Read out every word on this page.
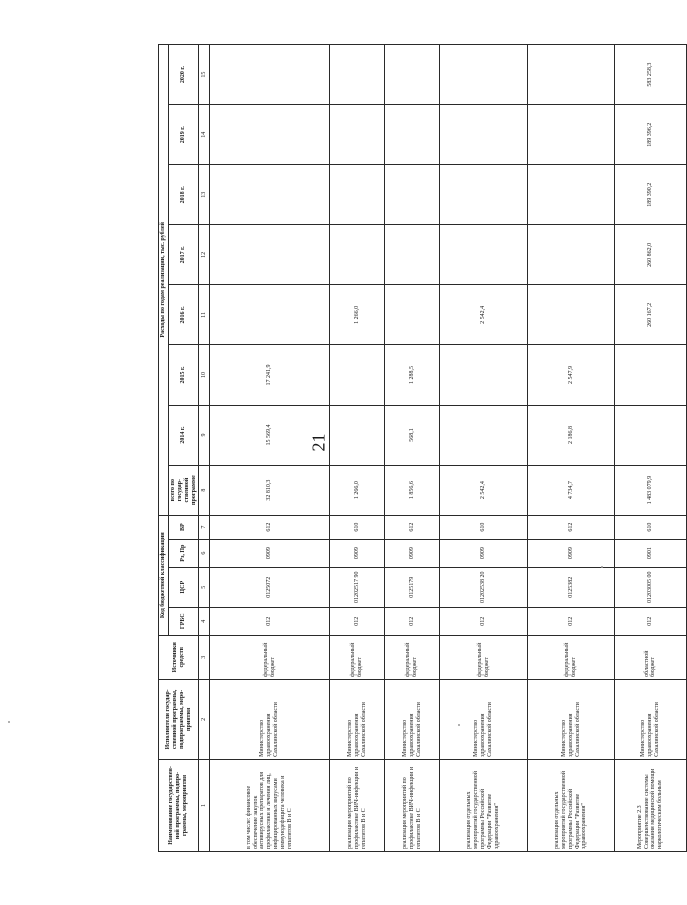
21
Наименование государствен-ной программы, подпро-граммы, мероприятия	Исполнители государ-ственной программы, подпрограммы, меро-приятия	Источники средств	Код бюджетной классификации				Расходы по годам реализации, тыс. рублей							
			ГРБС	ЦСР	Рз, Пр	ВР	всего по государ-ственной программе	2014 г.	2015 г.	2016 г.	2017 г.	2018 г.	2019 г.	2020 г.

1	2	3	4	5	6	7	8	9	10	11	12	13	14	15
в том числе: финансовое обеспечение закупок антивирусных препаратов для профилактики и лечения лиц, инфицированных вирусами иммунодефицита человека и гепатитов В и С	Министерство здравоохранения Сахалинской области	федеральный бюджет	012	0125072	0909	612	32 810,3	15 569,4	17 241,9					
реализация мероприятий по профилактике ВИЧ-инфекции и гепатитов В и С	Министерство здравоохранения Сахалинской области	федеральный бюджет	012	01202517 90	0909	610	1 266,0			1 266,0				
реализация мероприятий по профилактике ВИЧ-инфекции и гепатитов В и С	Министерство здравоохранения Сахалинской области	федеральный бюджет	012	0125179	0909	612	1 856,6	568,1	1 288,5					
реализация отдельных мероприятий государственной программы Российской Федерации "Развитие здравоохранения"	Министерство здравоохранения Сахалинской области	федеральный бюджет	012	01202538 20	0909	610	2 542,4			2 542,4				
реализация отдельных мероприятий государственной программы Российской Федерации "Развитие здравоохранения"	Министерство здравоохранения Сахалинской области	федеральный бюджет	012	0125382	0909	612	4 734,7	2 186,8	2 547,9					
Мероприятие 2.3 Совершенствование системы оказания медицинской помощи наркологическим больным	Министерство здравоохранения Сахалинской области	областной бюджет	012	01203005 00	0901	610	1 483 079,9			260 167,2	260 862,0	189 390,2	189 396,2	583 258,3
